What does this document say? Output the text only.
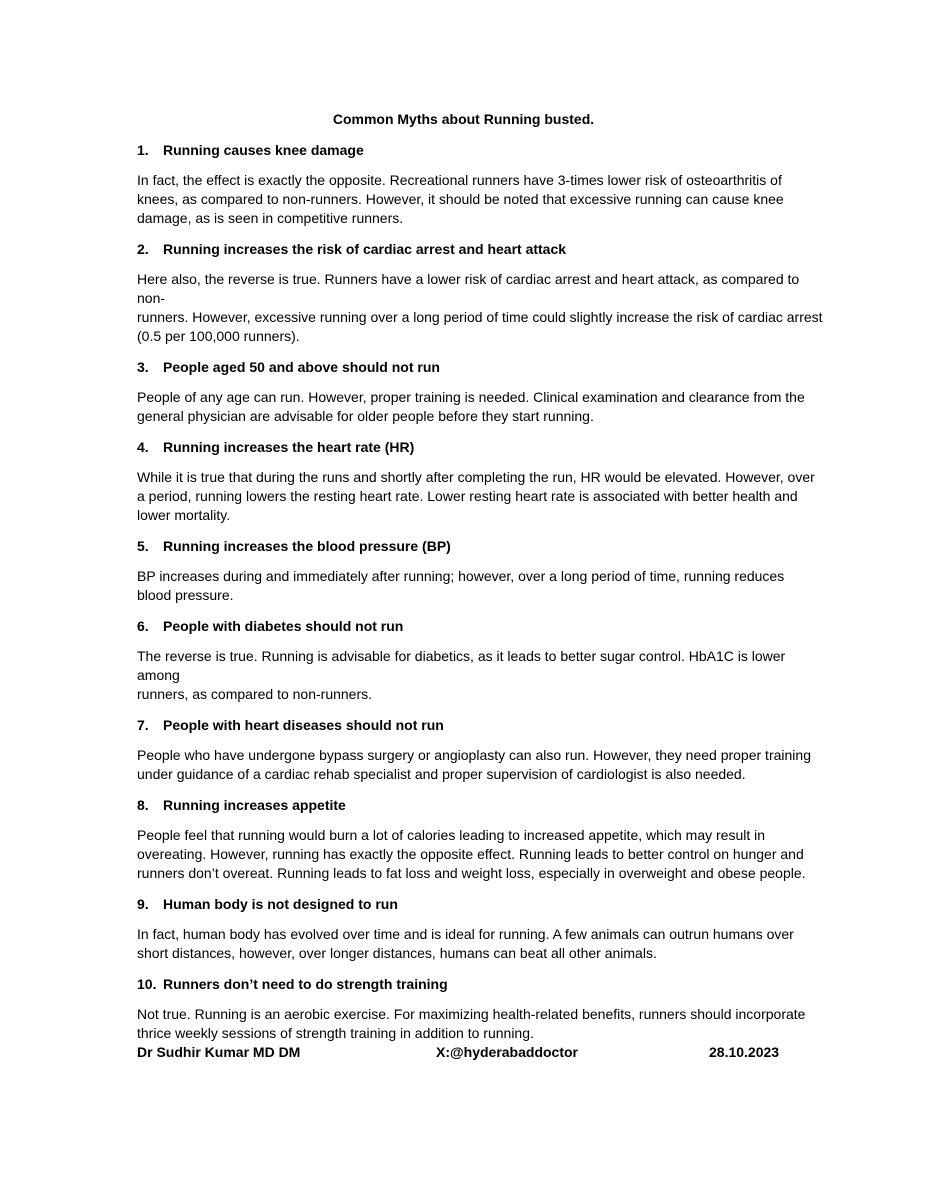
Common Myths about Running busted.

1.	Running causes knee damage

In fact, the effect is exactly the opposite. Recreational runners have 3-times lower risk of osteoarthritis of
knees, as compared to non-runners. However, it should be noted that excessive running can cause knee
damage, as is seen in competitive runners.

2.	Running increases the risk of cardiac arrest and heart attack

Here also, the reverse is true. Runners have a lower risk of cardiac arrest and heart attack, as compared to non-
runners. However, excessive running over a long period of time could slightly increase the risk of cardiac arrest
(0.5 per 100,000 runners).

3.	People aged 50 and above should not run

People of any age can run. However, proper training is needed. Clinical examination and clearance from the
general physician are advisable for older people before they start running.

4.	Running increases the heart rate (HR)

While it is true that during the runs and shortly after completing the run, HR would be elevated. However, over
a period, running lowers the resting heart rate. Lower resting heart rate is associated with better health and
lower mortality.

5.	Running increases the blood pressure (BP)

BP increases during and immediately after running; however, over a long period of time, running reduces
blood pressure.

6.	People with diabetes should not run

The reverse is true. Running is advisable for diabetics, as it leads to better sugar control. HbA1C is lower among
runners, as compared to non-runners.

7.	People with heart diseases should not run

People who have undergone bypass surgery or angioplasty can also run. However, they need proper training
under guidance of a cardiac rehab specialist and proper supervision of cardiologist is also needed.

8.	Running increases appetite

People feel that running would burn a lot of calories leading to increased appetite, which may result in
overeating. However, running has exactly the opposite effect. Running leads to better control on hunger and
runners don’t overeat. Running leads to fat loss and weight loss, especially in overweight and obese people.

9.	Human body is not designed to run

In fact, human body has evolved over time and is ideal for running. A few animals can outrun humans over
short distances, however, over longer distances, humans can beat all other animals.

10. Runners don’t need to do strength training

Not true. Running is an aerobic exercise. For maximizing health-related benefits, runners should incorporate
thrice weekly sessions of strength training in addition to running.

Dr Sudhir Kumar MD DM	X:@hyderabaddoctor	28.10.2023
